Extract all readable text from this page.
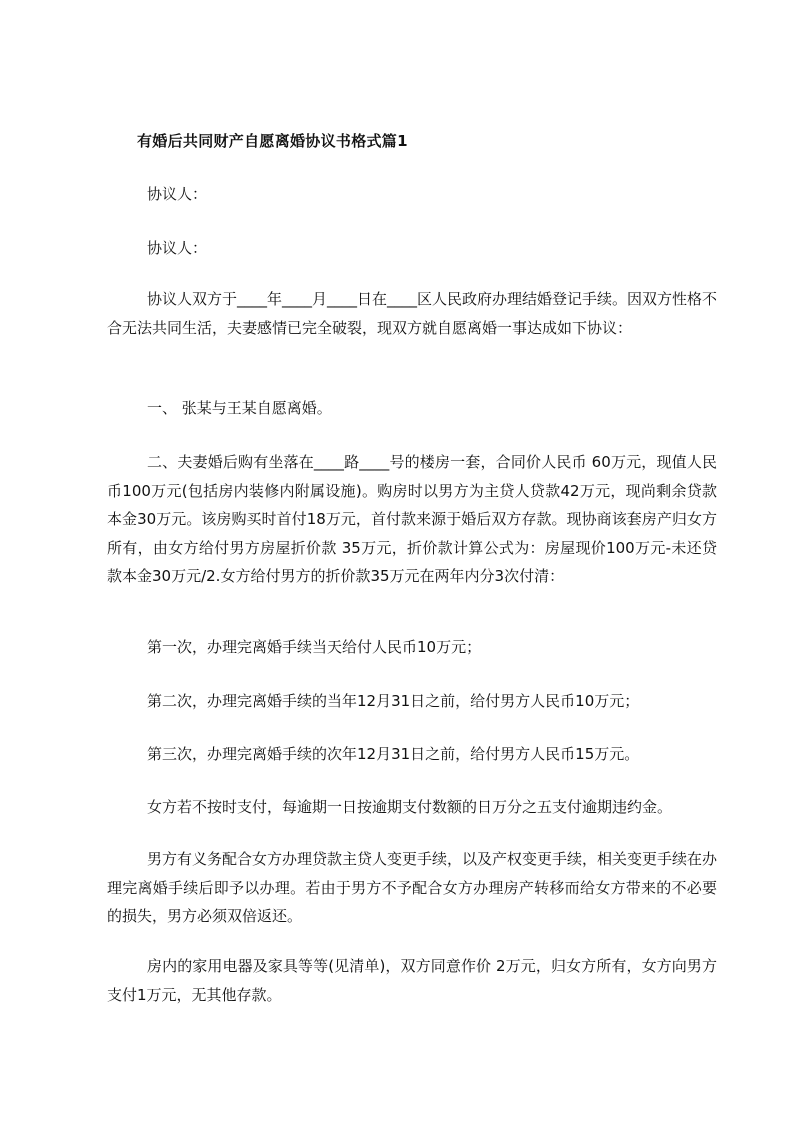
有婚后共同财产自愿离婚协议书格式篇1

协议人：

协议人：

协议人双方于____年____月____日在____区人民政府办理结婚登记手续。因双方性格不合无法共同生活，夫妻感情已完全破裂，现双方就自愿离婚一事达成如下协议：

一、 张某与王某自愿离婚。

二、夫妻婚后购有坐落在____路____号的楼房一套，合同价人民币 60万元，现值人民币100万元(包括房内装修内附属设施)。购房时以男方为主贷人贷款42万元，现尚剩余贷款本金30万元。该房购买时首付18万元，首付款来源于婚后双方存款。现协商该套房产归女方所有，由女方给付男方房屋折价款 35万元，折价款计算公式为：房屋现价100万元-未还贷款本金30万元/2.女方给付男方的折价款35万元在两年内分3次付清：

第一次，办理完离婚手续当天给付人民币10万元；

第二次，办理完离婚手续的当年12月31日之前，给付男方人民币10万元；

第三次，办理完离婚手续的次年12月31日之前，给付男方人民币15万元。

女方若不按时支付，每逾期一日按逾期支付数额的日万分之五支付逾期违约金。

男方有义务配合女方办理贷款主贷人变更手续，以及产权变更手续，相关变更手续在办理完离婚手续后即予以办理。若由于男方不予配合女方办理房产转移而给女方带来的不必要的损失，男方必须双倍返还。

房内的家用电器及家具等等(见清单)，双方同意作价 2万元，归女方所有，女方向男方支付1万元，无其他存款。
